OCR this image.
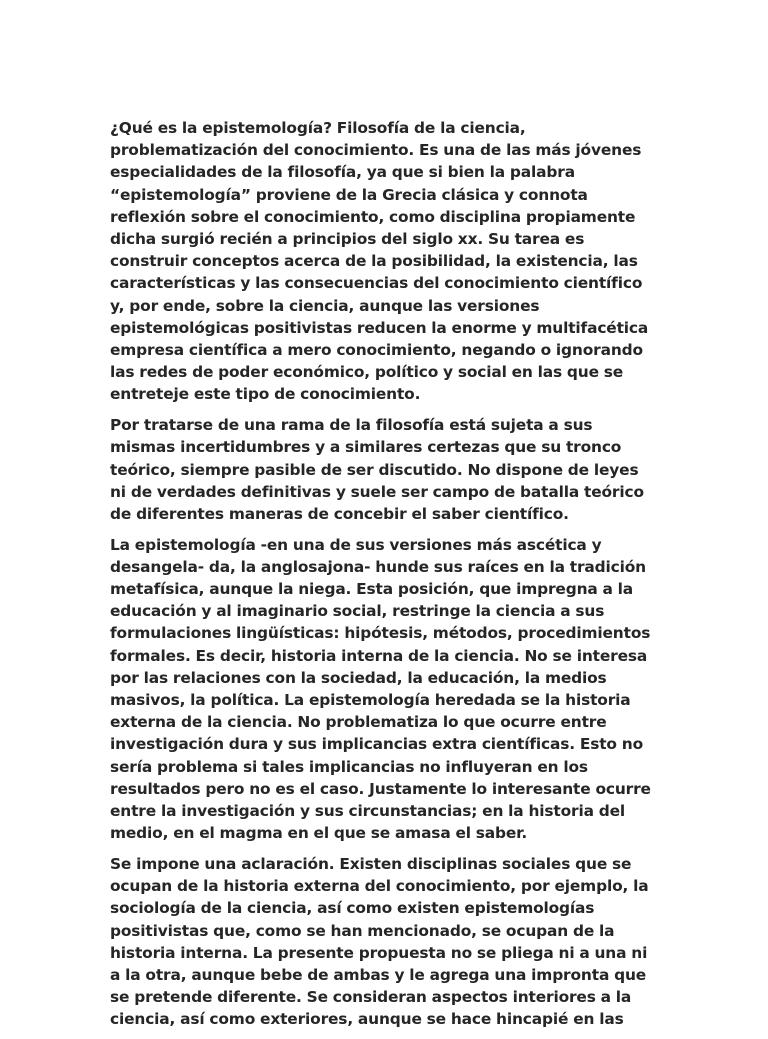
¿Qué es la epistemología? Filosofía de la ciencia, problematización del conocimiento. Es una de las más jóvenes especialidades de la filosofía, ya que si bien la palabra “epistemología” proviene de la Grecia clásica y connota reflexión sobre el conocimiento, como disciplina propiamente dicha surgió recién a principios del siglo xx. Su tarea es construir conceptos acerca de la posibilidad, la existencia, las características y las consecuencias del conocimiento científico y, por ende, sobre la ciencia, aunque las versiones epistemológicas positivistas reducen la enorme y multifacética empresa científica a mero conocimiento, negando o ignorando las redes de poder económico, político y social en las que se entreteje este tipo de conocimiento.

Por tratarse de una rama de la filosofía está sujeta a sus mismas incertidumbres y a similares certezas que su tronco teórico, siempre pasible de ser discutido. No dispone de leyes ni de verdades definitivas y suele ser campo de batalla teórico de diferentes maneras de concebir el saber científico.

La epistemología -en una de sus versiones más ascética y desangela- da, la anglosajona- hunde sus raíces en la tradición metafísica, aunque la niega. Esta posición, que impregna a la educación y al imaginario social, restringe la ciencia a sus formulaciones lingüísticas: hipótesis, métodos, procedimientos formales. Es decir, historia interna de la ciencia. No se interesa por las relaciones con la sociedad, la educación, la medios masivos, la política. La epistemología heredada se la historia externa de la ciencia. No problematiza lo que ocurre entre investigación dura y sus implicancias extra científicas. Esto no sería problema si tales implicancias no influyeran en los resultados pero no es el caso. Justamente lo interesante ocurre entre la investigación y sus circunstancias; en la historia del medio, en el magma en el que se amasa el saber.

Se impone una aclaración. Existen disciplinas sociales que se ocupan de la historia externa del conocimiento, por ejemplo, la sociología de la ciencia, así como existen epistemologías positivistas que, como se han mencionado, se ocupan de la historia interna. La presente propuesta no se pliega ni a una ni a la otra, aunque bebe de ambas y le agrega una impronta que se pretende diferente. Se consideran aspectos interiores a la ciencia, así como exteriores, aunque se hace hincapié en las
